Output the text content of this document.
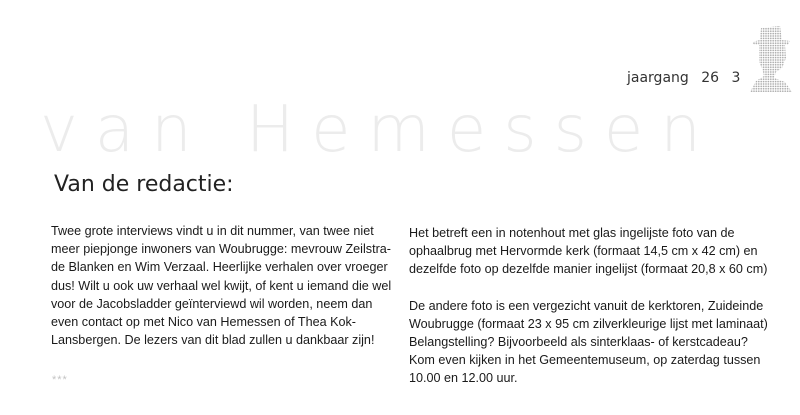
van Hemessen
jaargang 26 3
Van de redactie:

Twee grote interviews vindt u in dit nummer, van twee niet meer piepjonge inwoners van Woubrugge: mevrouw Zeilstra-de Blanken en Wim Verzaal. Heerlijke verhalen over vroeger dus! Wilt u ook uw verhaal wel kwijt, of kent u iemand die wel voor de Jacobsladder geïnterviewd wil worden, neem dan even contact op met Nico van Hemessen of Thea Kok-Lansbergen. De lezers van dit blad zullen u dankbaar zijn!

***

Het betreft een in notenhout met glas ingelijste foto van de ophaalbrug met Hervormde kerk (formaat 14,5 cm x 42 cm) en dezelfde foto op dezelfde manier ingelijst (formaat 20,8 x 60 cm)

De andere foto is een vergezicht vanuit de kerktoren, Zuideinde Woubrugge (formaat 23 x 95 cm zilverkleurige lijst met laminaat) Belangstelling? Bijvoorbeeld als sinterklaas- of kerstcadeau? Kom even kijken in het Gemeentemuseum, op zaterdag tussen 10.00 en 12.00 uur.
